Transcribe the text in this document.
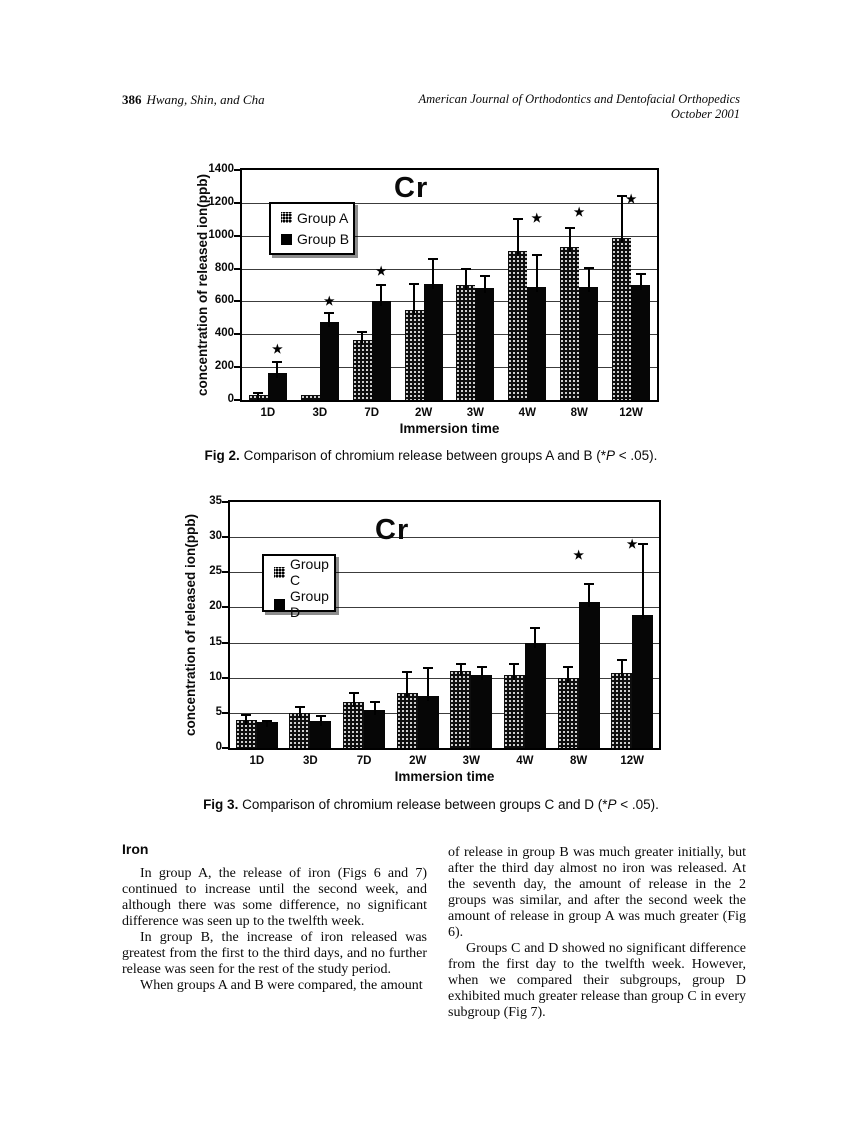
386 Hwang, Shin, and Cha	American Journal of Orthodontics and Dentofacial Orthopedics
October 2001
0
200
400
600
800
1000
1200
1400
1D	3D	7D	2W	3W	4W	8W	12W
★
★
★
★	★
★
Cr
Group A
Group B
concentration of released ion(ppb)
Immersion time
Fig 2. Comparison of chromium release between groups A and B (*P < .05).
0
5
10
15
20
25
30
35
1D	3D	7D	2W	3W	4W	8W	12W
★
★
Cr
Group C
Group D
concentration of released ion(ppb)
Immersion time
Fig 3. Comparison of chromium release between groups C and D (*P < .05).
Iron

In group A, the release of iron (Figs 6 and 7) continued to increase until the second week, and although there was some difference, no significant difference was seen up to the twelfth week.

In group B, the increase of iron released was greatest from the first to the third days, and no further release was seen for the rest of the study period.

When groups A and B were compared, the amount

of release in group B was much greater initially, but after the third day almost no iron was released. At the seventh day, the amount of release in the 2 groups was similar, and after the second week the amount of release in group A was much greater (Fig 6).

Groups C and D showed no significant difference from the first day to the twelfth week. However, when we compared their subgroups, group D exhibited much greater release than group C in every subgroup (Fig 7).
